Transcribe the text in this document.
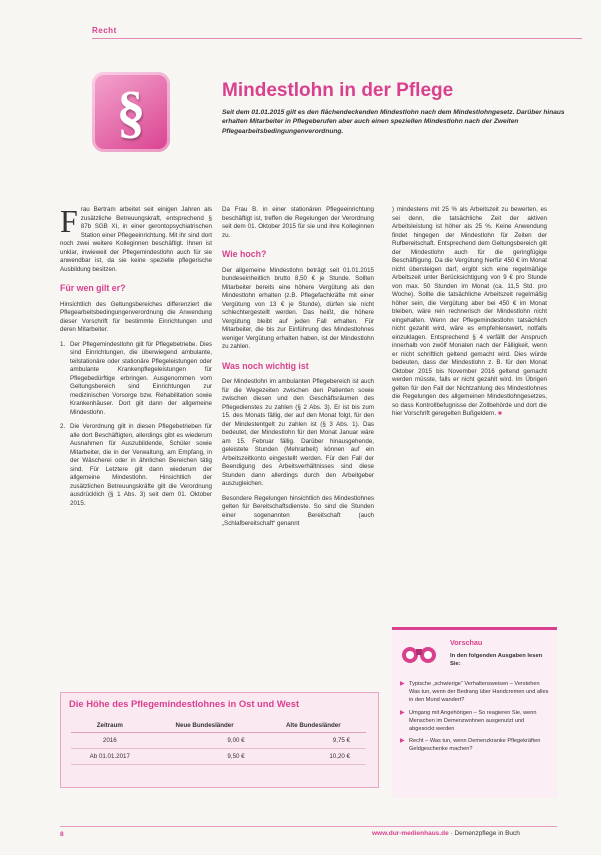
Recht
§	Mindestlohn in der Pflege
Seit dem 01.01.2015 gilt es den flächendeckenden Mindestlohn nach dem Mindestlohngesetz. Darüber hinaus erhalten Mitarbeiter in Pflegeberufen aber auch einen speziellen Mindestlohn nach der Zweiten Pflegearbeitsbedingungenverordnung.

Frau Bertram arbeitet seit einigen Jahren als zusätzliche Betreuungskraft, entsprechend § 87b SGB XI, in einer gerontopsychiatrischen Station einer Pflegeeinrichtung. Mit ihr sind dort noch zwei weitere Kolleginnen beschäftigt. Ihnen ist unklar, inwieweit der Pflegemindestlohn auch für sie anwendbar ist, da sie keine spezielle pflegerische Ausbildung besitzen.

Für wen gilt er?

Hinsichtlich des Geltungsbereiches differenziert die Pflegearbeitsbedingungenverordnung die Anwendung dieser Vorschrift für bestimmte Einrichtungen und deren Mitarbeiter.

1. Der Pflegemindestlohn gilt für Pflegebetriebe. Dies sind Einrichtungen, die überwiegend ambulante, teilstationäre oder stationäre Pflegeleistungen oder ambulante Krankenpflegeleistungen für Pflegebedürftige erbringen. Ausgenommen vom Geltungsbereich sind Einrichtungen zur medizinischen Vorsorge bzw. Rehabilitation sowie Krankenhäuser. Dort gilt dann der allgemeine Mindestlohn.
2. Die Verordnung gilt in diesen Pflegebetrieben für alle dort Beschäftigten, allerdings gibt es wiederum Ausnahmen für Auszubildende, Schüler sowie Mitarbeiter, die in der Verwaltung, am Empfang, in der Wäscherei oder in ähnlichen Bereichen tätig sind. Für Letztere gilt dann wiederum der allgemeine Mindestlohn. Hinsichtlich der zusätzlichen Betreuungskräfte gilt die Verordnung ausdrücklich (§ 1 Abs. 3) seit dem 01. Oktober 2015.

Da Frau B. in einer stationären Pflegeeinrichtung beschäftigt ist, treffen die Regelungen der Verordnung seit dem 01. Oktober 2015 für sie und ihre Kolleginnen zu.

Wie hoch?

Der allgemeine Mindestlohn beträgt seit 01.01.2015 bundeseinheitlich brutto 8,50 € je Stunde. Sollten Mitarbeiter bereits eine höhere Vergütung als den Mindestlohn erhalten (z.B. Pflegefachkräfte mit einer Vergütung von 13 € je Stunde), dürfen sie nicht schlechtergestellt werden. Das heißt, die höhere Vergütung bleibt auf jeden Fall erhalten. Für Mitarbeiter, die bis zur Einführung des Mindestlohnes weniger Vergütung erhalten haben, ist der Mindestlohn zu zahlen.

Was noch wichtig ist

Der Mindestlohn im ambulanten Pflegebereich ist auch für die Wegezeiten zwischen den Patienten sowie zwischen diesen und den Geschäftsräumen des Pflegedienstes zu zahlen (§ 2 Abs. 3). Er ist bis zum 15. des Monats fällig, der auf den Monat folgt, für den der Mindestentgelt zu zahlen ist (§ 3 Abs. 1). Das bedeutet, der Mindestlohn für den Monat Januar wäre am 15. Februar fällig. Darüber hinausgehende, geleistete Stunden (Mehrarbeit) können auf ein Arbeitszeitkonto eingestellt werden. Für den Fall der Beendigung des Arbeitsverhältnisses sind diese Stunden dann allerdings durch den Arbeitgeber auszugleichen.

Besondere Regelungen hinsichtlich des Mindestlohnes gelten für Bereitschaftsdienste. So sind die Stunden einer sogenannten Bereitschaft (auch „Schlafbereitschaft“ genannt

) mindestens mit 25 % als Arbeitszeit zu bewerten, es sei denn, die tatsächliche Zeit der aktiven Arbeitsleistung ist höher als 25 %. Keine Anwendung findet hingegen der Mindestlohn für Zeiten der Rufbereitschaft. Entsprechend dem Geltungsbereich gilt der Mindestlohn auch für die geringfügige Beschäftigung. Da die Vergütung hierfür 450 € im Monat nicht übersteigen darf, ergibt sich eine regelmäßige Arbeitszeit unter Berücksichtigung von 9 € pro Stunde von max. 50 Stunden im Monat (ca. 11,5 Std. pro Woche). Sollte die tatsächliche Arbeitszeit regelmäßig höher sein, die Vergütung aber bei 450 € im Monat bleiben, wäre rein rechnerisch der Mindestlohn nicht eingehalten. Wenn der Pflegemindestlohn tatsächlich nicht gezahlt wird, wäre es empfehlenswert, notfalls einzuklagen. Entsprechend § 4 verfällt der Anspruch innerhalb von zwölf Monaten nach der Fälligkeit, wenn er nicht schriftlich geltend gemacht wird. Dies würde bedeuten, dass der Mindestlohn z. B. für den Monat Oktober 2015 bis November 2016 geltend gemacht werden müsste, falls er nicht gezahlt wird. Im Übrigen gelten für den Fall der Nichtzahlung des Mindestlohnes die Regelungen des allgemeinen Mindestlohngesetzes, so dass Kontrollbefugnisse der Zollbehörde und dort die hier Vorschrift geregelten Bußgeldern. ■

Die Höhe des Pflegemindestlohnes in Ost und West
Zeitraum	Neue Bundesländer	Alte Bundesländer
2016	9,00 €	9,75 €
Ab 01.01.2017	9,50 €	10,20 €
Vorschau
In den folgenden Ausgaben lesen Sie:
▶ Typische „schwierige“ Verhaltensweisen – Verstehen Was tun, wenn der Bedrang über Handcremen und alles in den Mund wandert?
▶ Umgang mit Angehörigen – So reagieren Sie, wenn Menschen im Demenzwohnen ausgenutzt und abgesockt werden
▶ Recht – Was tun, wenn Demenzkranke Pflegekräften Geldgeschenke machen?
8	www.dur-medienhaus.de · Demenzpflege in Buch
